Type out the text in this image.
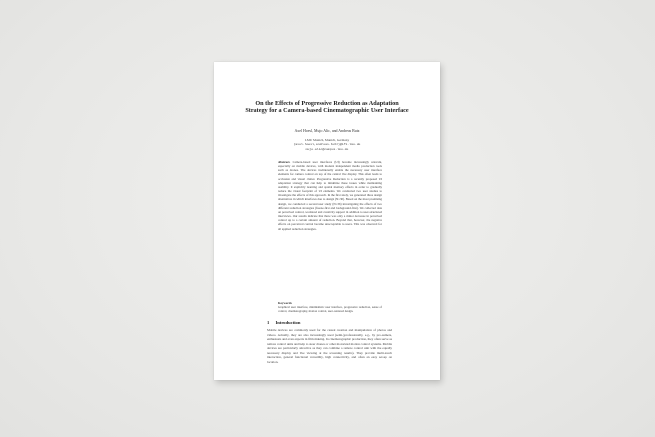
On the Effects of Progressive Reduction as Adaptation Strategy for a Camera-based Cinematographic User Interface
Axel Hoesl, Mujo Alic, and Andreas Butz
LMU Munich, Munich, Germany
{axel.hoesl,andreas.butz}@ifi.lmu.de
mujo.alic@campus.lmu.de
Abstract. Camera-based user interfaces (UI) become increasingly relevant, especially on mobile devices, with modern independent media production tools such as drones. The devices traditionally enable the necessary user interface elements for camera control on top of the central live display. This often leads to occlusion and visual clutter. Progressive Reduction is a recently proposed UI adaptation strategy that can help to minimize these issues while maintaining usability. It explicitly learning and spatial memory effects in order to gradually reduce the visual footprint of UI elements. We conducted two user studies to investigate the effects of this approach. In the first study, we generated three design alternatives in which interfaces due to design (N=30). Based on the most promising design, we conducted a second user study (N=36) investigating the effects of two different reduction strategies (freeze-first and background-first). We collected data on perceived control, workload and creativity support in addition to user-structured interviews. Our results indicate that there was only a minor decrease in perceived control up to a certain amount of reduction. Beyond that, however, the negative effects on perceived control became unacceptable to users. This was observed for all applied reduction strategies.
Keywords
Graphical user interface, minimalistic user interface, progressive reduction, sense of control, cinematography, motion control, user-centered design.
1 Introduction
Mobile devices are commonly used for the casual creation and manipulation of photos and videos. Actually, they are also increasingly used (semi-)professionally, e.g., by pro-sumers, enthusiasts and even experts in film making. In cinematographic production, they often serve as remote control units and help to steer drones or other motorized motion control systems. Mobile devices are particularly attractive as they can combine a remote control unit with the equally necessary display and live viewing at the screening results). They provide multi-touch interaction, general functional versatility, high connectivity, and often an easy set-up on location.
